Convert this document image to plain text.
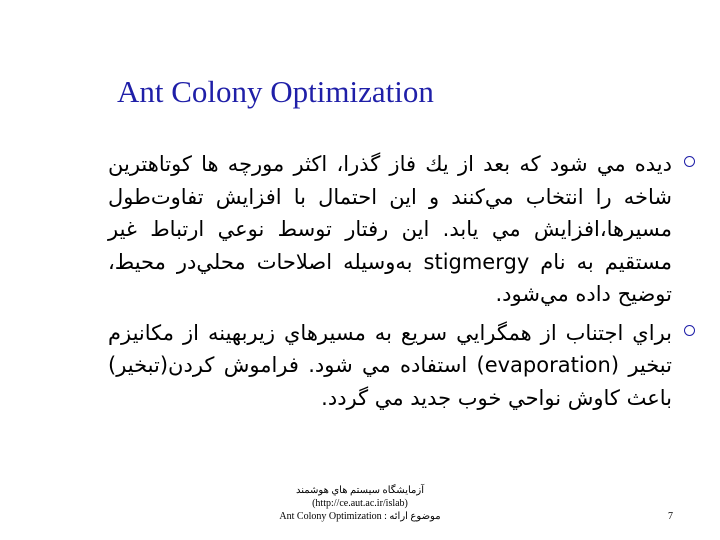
Ant Colony Optimization
ديده مي شود كه بعد از يك فاز گذرا، اكثر مورچه ها كوتاهترين شاخه را انتخاب مي‌كنند و اين احتمال با افزايش تفاوت‌طول مسيرها،‌افزايش مي يابد. اين رفتار توسط نوعي ارتباط غير مستقيم به نام stigmergy ‌به‌وسيله اصلاحات محلي‌در محيط، توضيح داده مي‌شود.
براي اجتناب از همگرايي سريع به مسيرهاي زيربهينه از مكانيزم تبخير (evaporation) استفاده مي شود. فراموش كردن‌(تبخير) باعث كاوش نواحي خوب جديد مي گردد.
آزمايشگاه سيستم هاي هوشمند
(http://ce.aut.ac.ir/islab)
موضوع ارائه : Ant Colony Optimization	7
